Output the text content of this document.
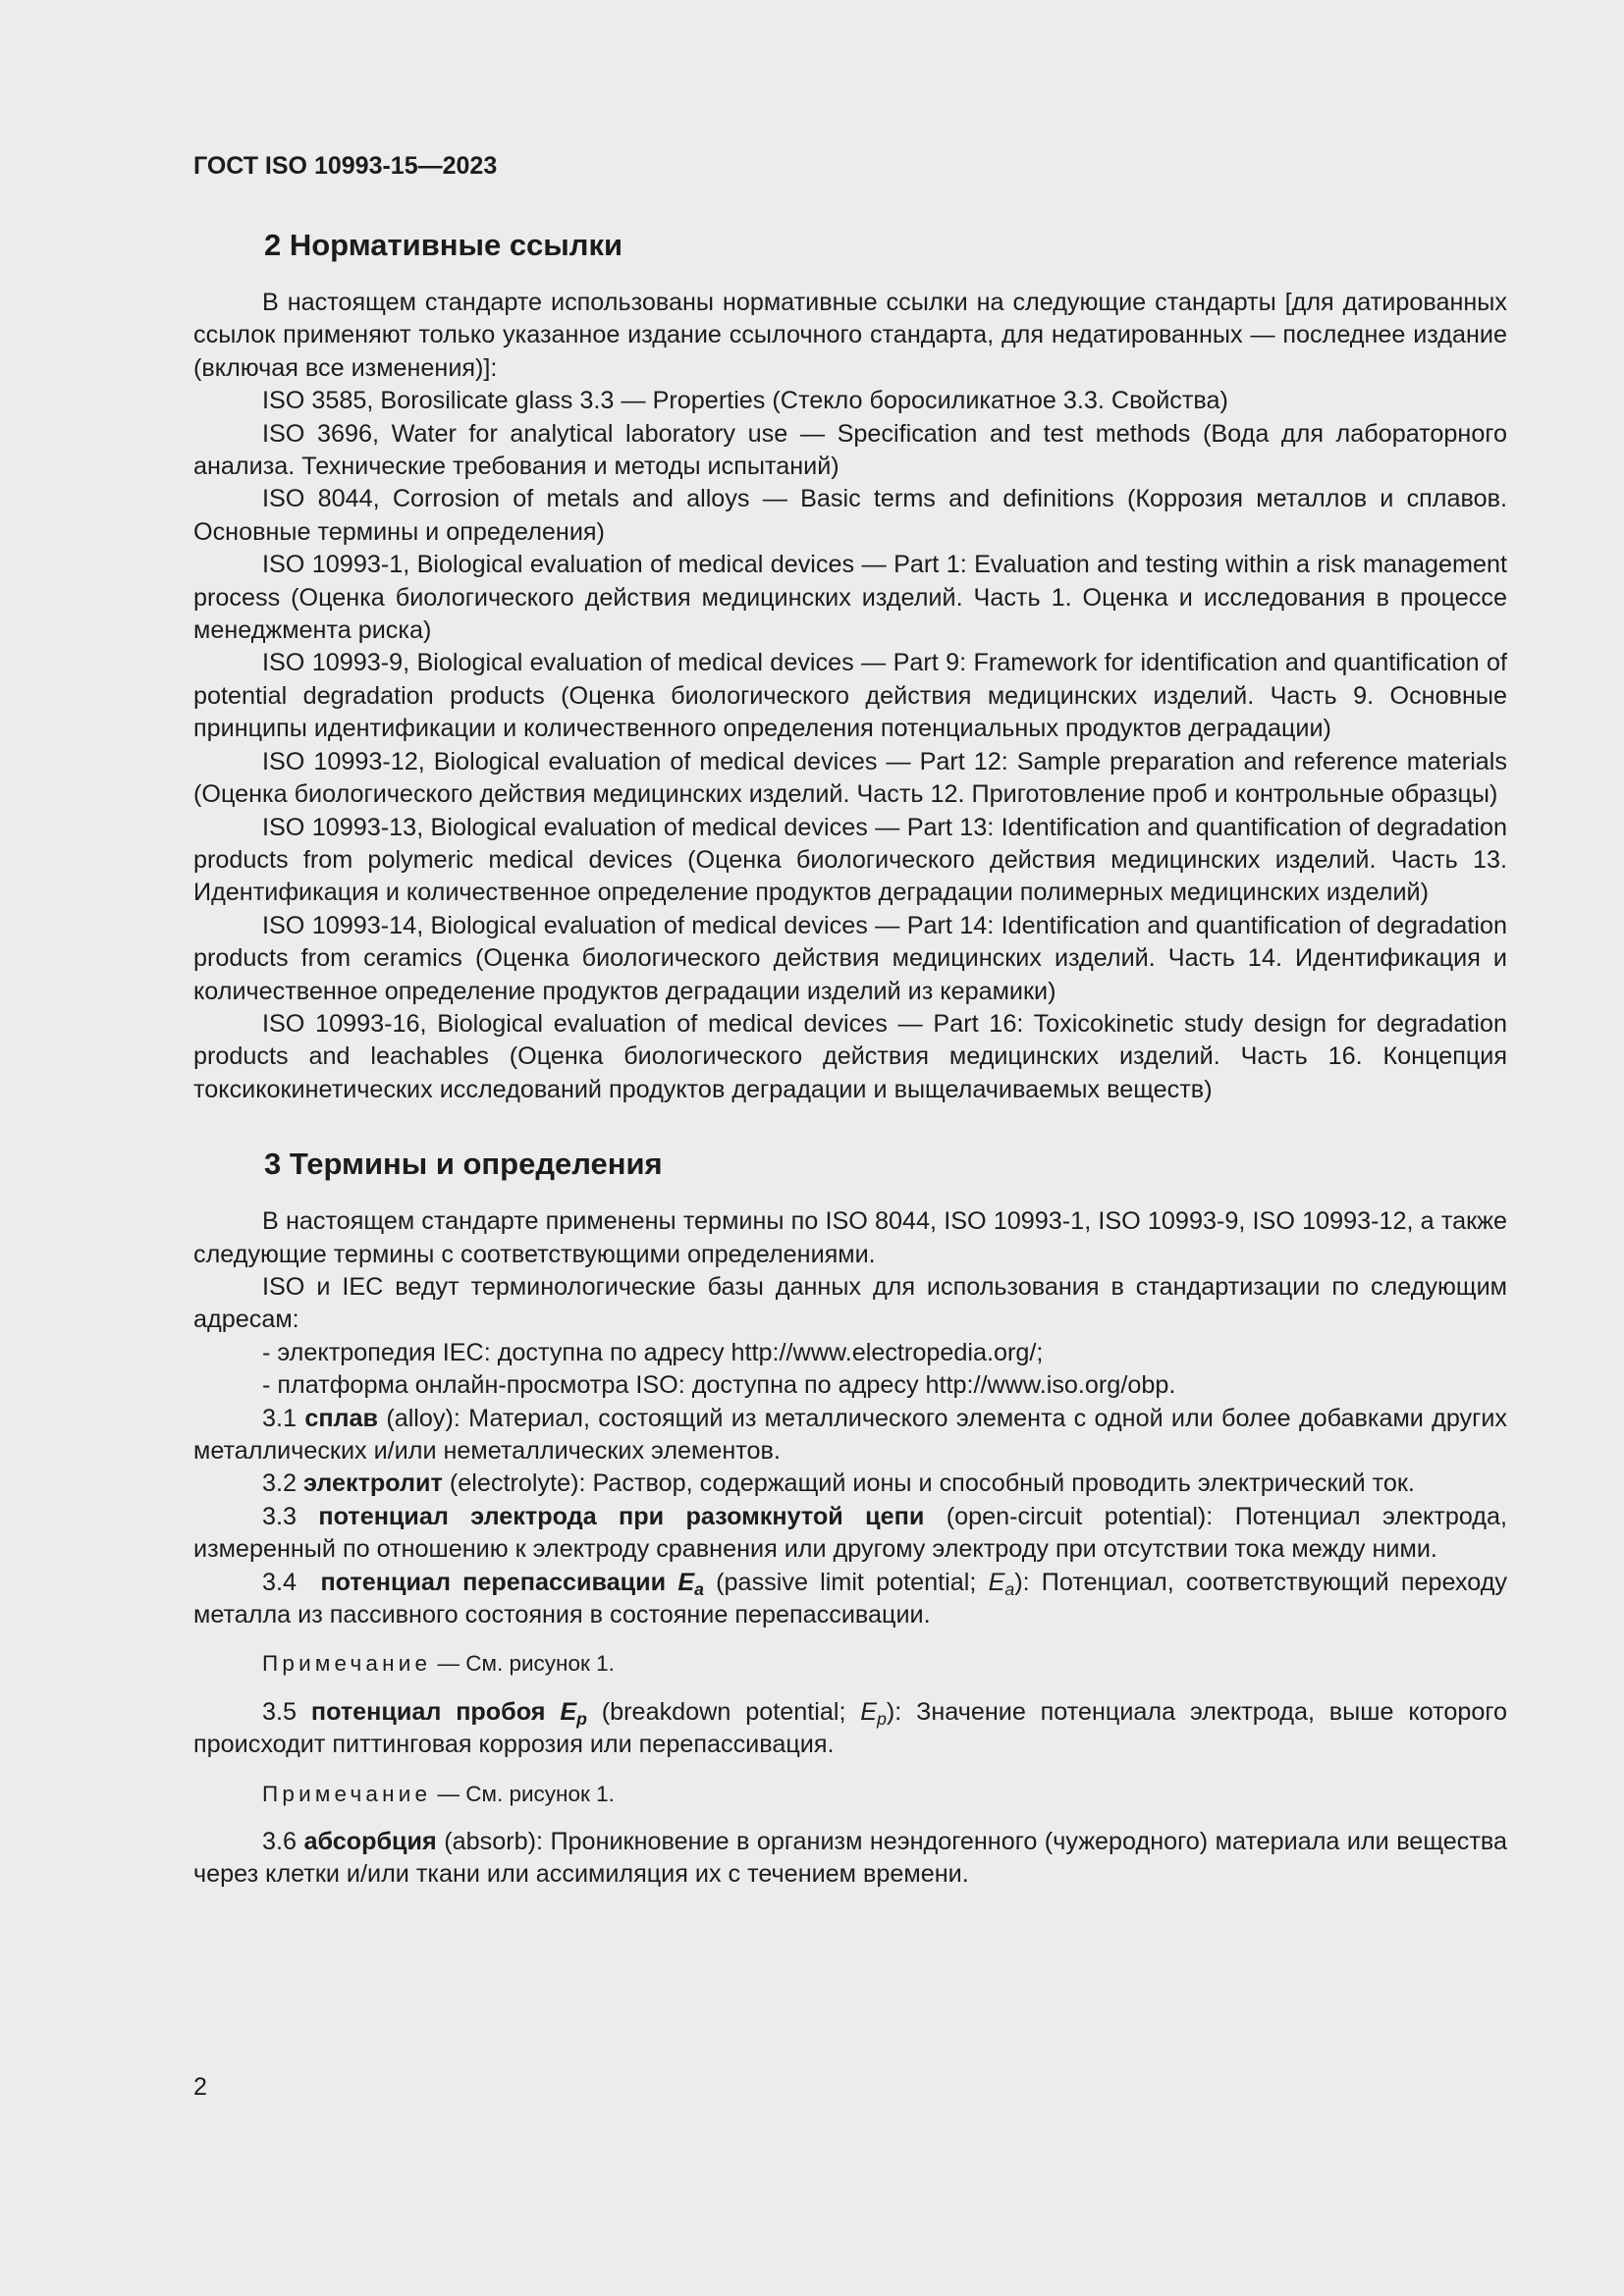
ГОСТ ISO 10993-15—2023
2 Нормативные ссылки

В настоящем стандарте использованы нормативные ссылки на следующие стандарты [для датированных ссылок применяют только указанное издание ссылочного стандарта, для недатированных — последнее издание (включая все изменения)]:

ISO 3585, Borosilicate glass 3.3 — Properties (Стекло боросиликатное 3.3. Свойства)

ISO 3696, Water for analytical laboratory use — Specification and test methods (Вода для лабораторного анализа. Технические требования и методы испытаний)

ISO 8044, Corrosion of metals and alloys — Basic terms and definitions (Коррозия металлов и сплавов. Основные термины и определения)

ISO 10993-1, Biological evaluation of medical devices — Part 1: Evaluation and testing within a risk management process (Оценка биологического действия медицинских изделий. Часть 1. Оценка и исследования в процессе менеджмента риска)

ISO 10993-9, Biological evaluation of medical devices — Part 9: Framework for identification and quantification of potential degradation products (Оценка биологического действия медицинских изделий. Часть 9. Основные принципы идентификации и количественного определения потенциальных продуктов деградации)

ISO 10993-12, Biological evaluation of medical devices — Part 12: Sample preparation and reference materials (Оценка биологического действия медицинских изделий. Часть 12. Приготовление проб и контрольные образцы)

ISO 10993-13, Biological evaluation of medical devices — Part 13: Identification and quantification of degradation products from polymeric medical devices (Оценка биологического действия медицинских изделий. Часть 13. Идентификация и количественное определение продуктов деградации полимерных медицинских изделий)

ISO 10993-14, Biological evaluation of medical devices — Part 14: Identification and quantification of degradation products from ceramics (Оценка биологического действия медицинских изделий. Часть 14. Идентификация и количественное определение продуктов деградации изделий из керамики)

ISO 10993-16, Biological evaluation of medical devices — Part 16: Toxicokinetic study design for degradation products and leachables (Оценка биологического действия медицинских изделий. Часть 16. Концепция токсикокинетических исследований продуктов деградации и выщелачиваемых веществ)

3 Термины и определения

В настоящем стандарте применены термины по ISO 8044, ISO 10993-1, ISO 10993-9, ISO 10993-12, а также следующие термины с соответствующими определениями.

ISO и IEC ведут терминологические базы данных для использования в стандартизации по следующим адресам:

- электропедия IEC: доступна по адресу http://www.electropedia.org/;

- платформа онлайн-просмотра ISO: доступна по адресу http://www.iso.org/obp.

3.1 сплав (alloy): Материал, состоящий из металлического элемента с одной или более добавками других металлических и/или неметаллических элементов.

3.2 электролит (electrolyte): Раствор, содержащий ионы и способный проводить электрический ток.

3.3 потенциал электрода при разомкнутой цепи (open-circuit potential): Потенциал электрода, измеренный по отношению к электроду сравнения или другому электроду при отсутствии тока между ними.

3.4 потенциал перепассивации $E_a$ (passive limit potential; $E_a$): Потенциал, соответствующий переходу металла из пассивного состояния в состояние перепассивации.

Примечание — См. рисунок 1.

3.5 потенциал пробоя $E_p$ (breakdown potential; $E_p$): Значение потенциала электрода, выше которого происходит питтинговая коррозия или перепассивация.

Примечание — См. рисунок 1.

3.6 абсорбция (absorb): Проникновение в организм неэндогенного (чужеродного) материала или вещества через клетки и/или ткани или ассимиляция их с течением времени.

2
